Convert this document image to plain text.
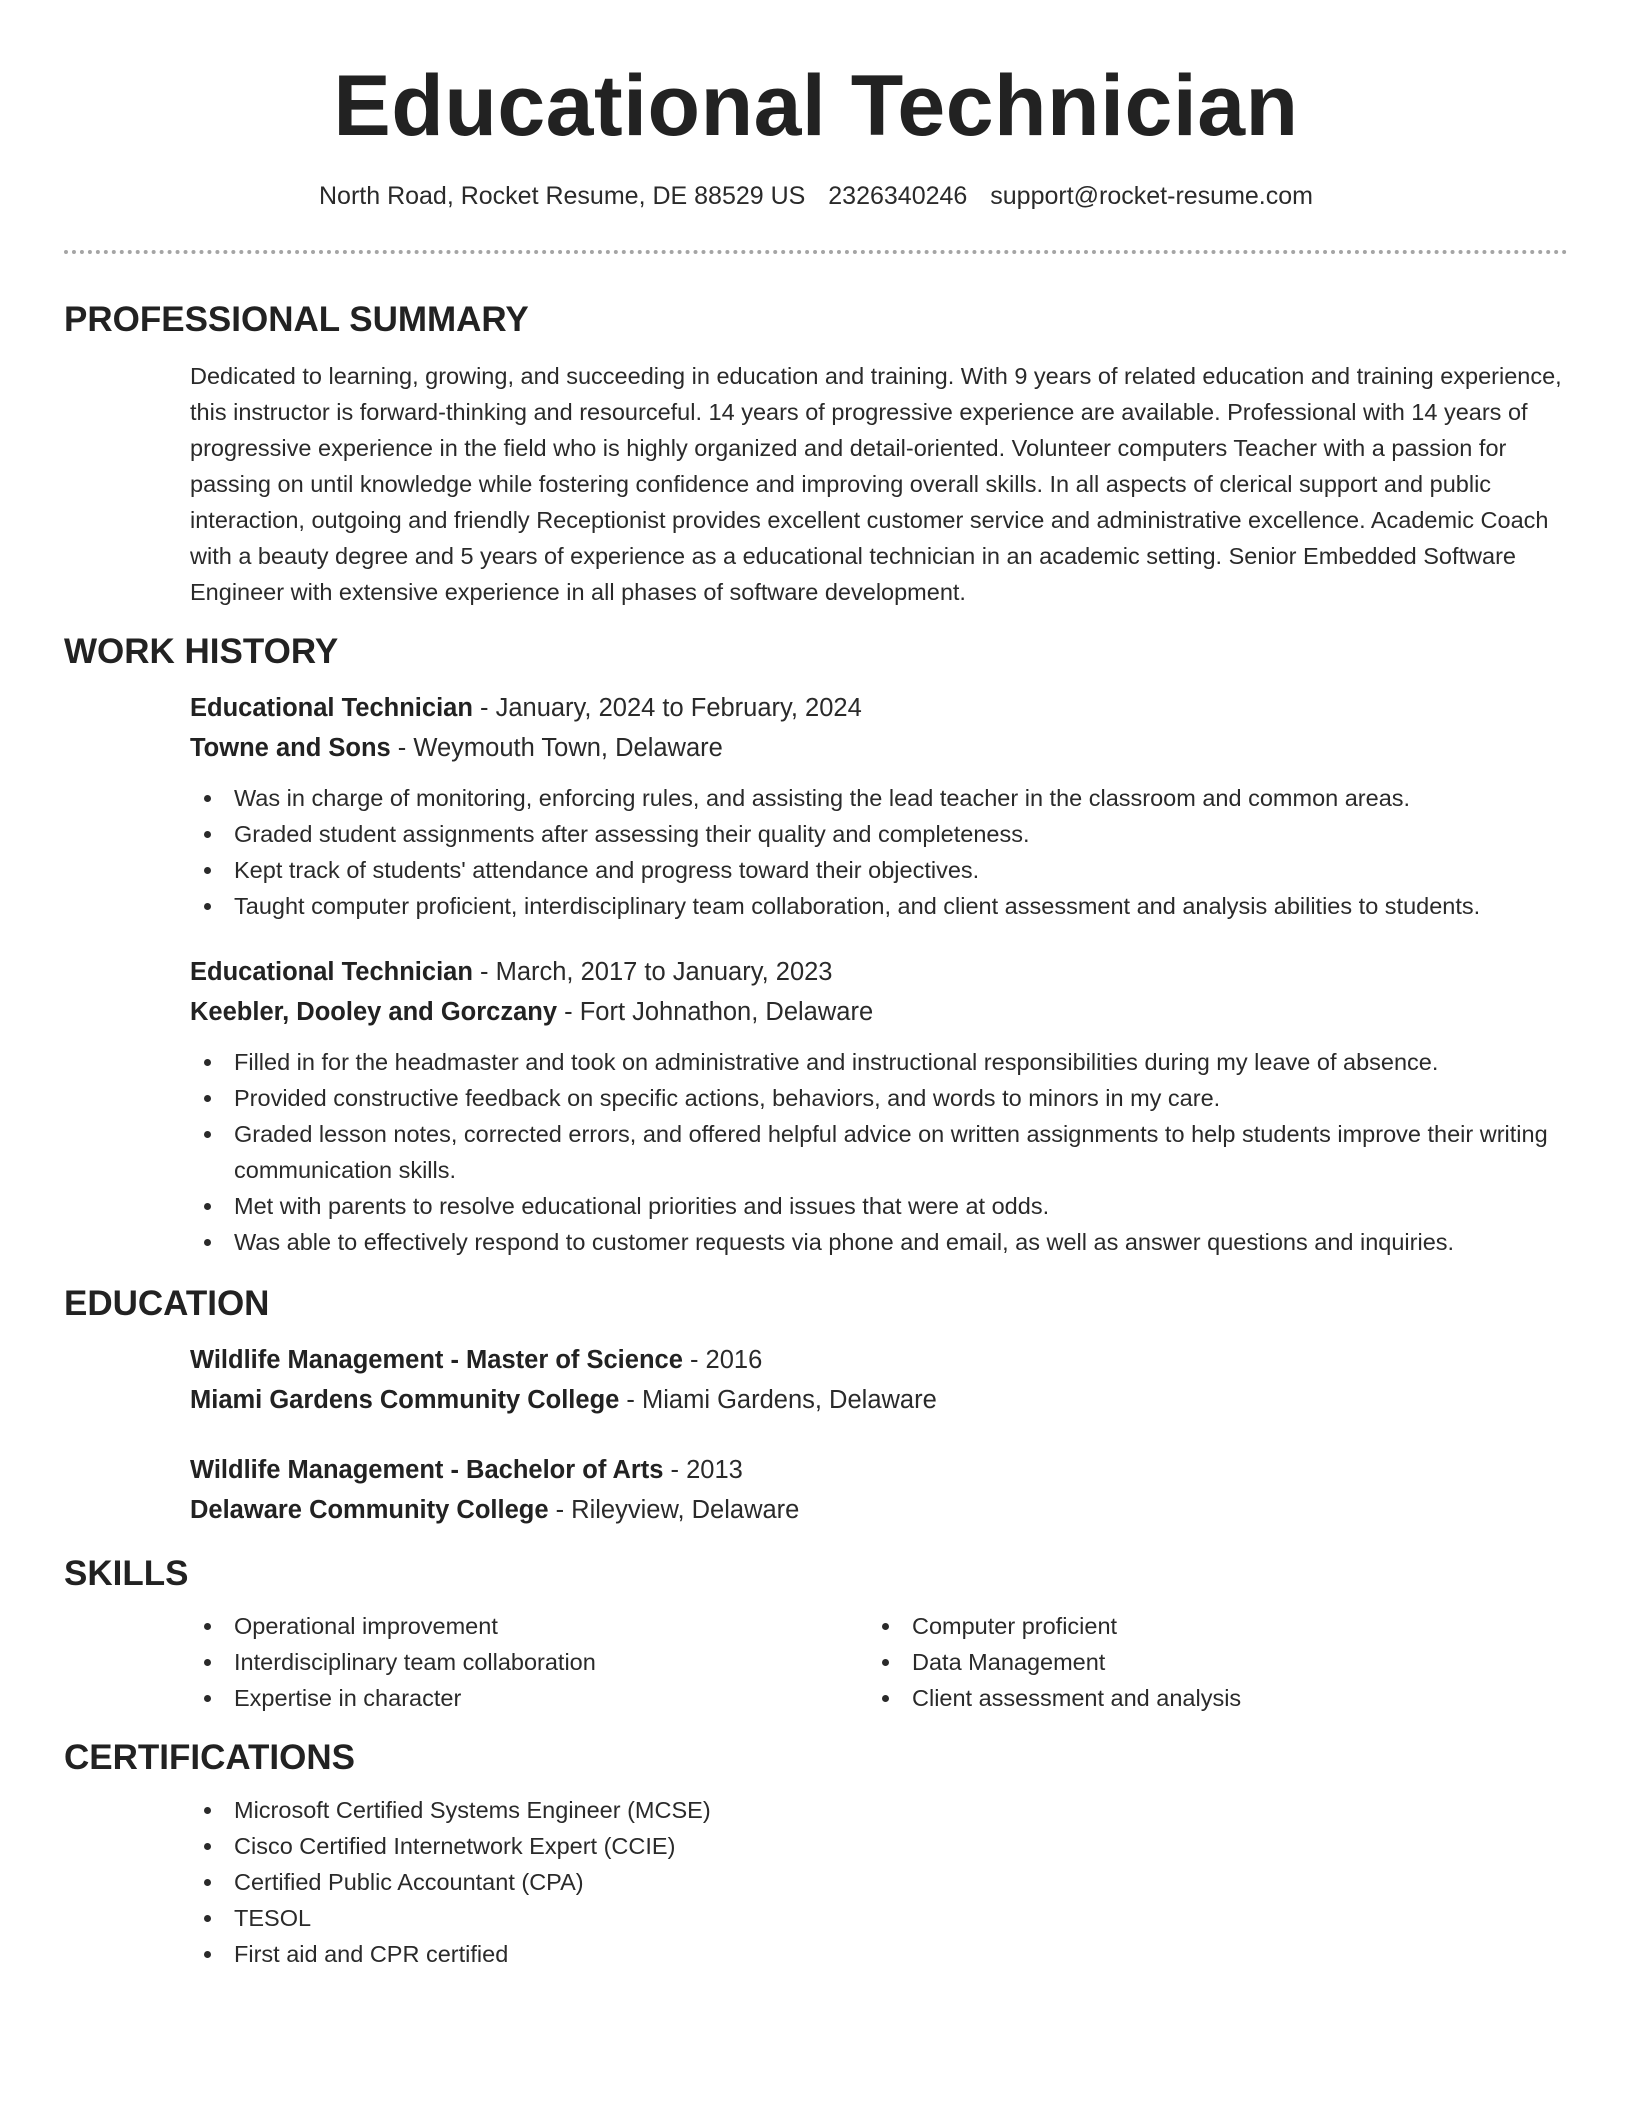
Educational Technician
North Road, Rocket Resume, DE 88529 US 2326340246 support@rocket-resume.com
PROFESSIONAL SUMMARY
Dedicated to learning, growing, and succeeding in education and training. With 9 years of related education and training experience, this instructor is forward-thinking and resourceful. 14 years of progressive experience are available. Professional with 14 years of progressive experience in the field who is highly organized and detail-oriented. Volunteer computers Teacher with a passion for passing on until knowledge while fostering confidence and improving overall skills. In all aspects of clerical support and public interaction, outgoing and friendly Receptionist provides excellent customer service and administrative excellence. Academic Coach with a beauty degree and 5 years of experience as a educational technician in an academic setting. Senior Embedded Software Engineer with extensive experience in all phases of software development.
WORK HISTORY
Educational Technician - January, 2024 to February, 2024
Towne and Sons - Weymouth Town, Delaware
Was in charge of monitoring, enforcing rules, and assisting the lead teacher in the classroom and common areas.
Graded student assignments after assessing their quality and completeness.
Kept track of students' attendance and progress toward their objectives.
Taught computer proficient, interdisciplinary team collaboration, and client assessment and analysis abilities to students.
Educational Technician - March, 2017 to January, 2023
Keebler, Dooley and Gorczany - Fort Johnathon, Delaware
Filled in for the headmaster and took on administrative and instructional responsibilities during my leave of absence.
Provided constructive feedback on specific actions, behaviors, and words to minors in my care.
Graded lesson notes, corrected errors, and offered helpful advice on written assignments to help students improve their writing communication skills.
Met with parents to resolve educational priorities and issues that were at odds.
Was able to effectively respond to customer requests via phone and email, as well as answer questions and inquiries.
EDUCATION
Wildlife Management - Master of Science - 2016
Miami Gardens Community College - Miami Gardens, Delaware
Wildlife Management - Bachelor of Arts - 2013
Delaware Community College - Rileyview, Delaware
SKILLS
Operational improvement
Interdisciplinary team collaboration
Expertise in character
Computer proficient
Data Management
Client assessment and analysis
CERTIFICATIONS
Microsoft Certified Systems Engineer (MCSE)
Cisco Certified Internetwork Expert (CCIE)
Certified Public Accountant (CPA)
TESOL
First aid and CPR certified
